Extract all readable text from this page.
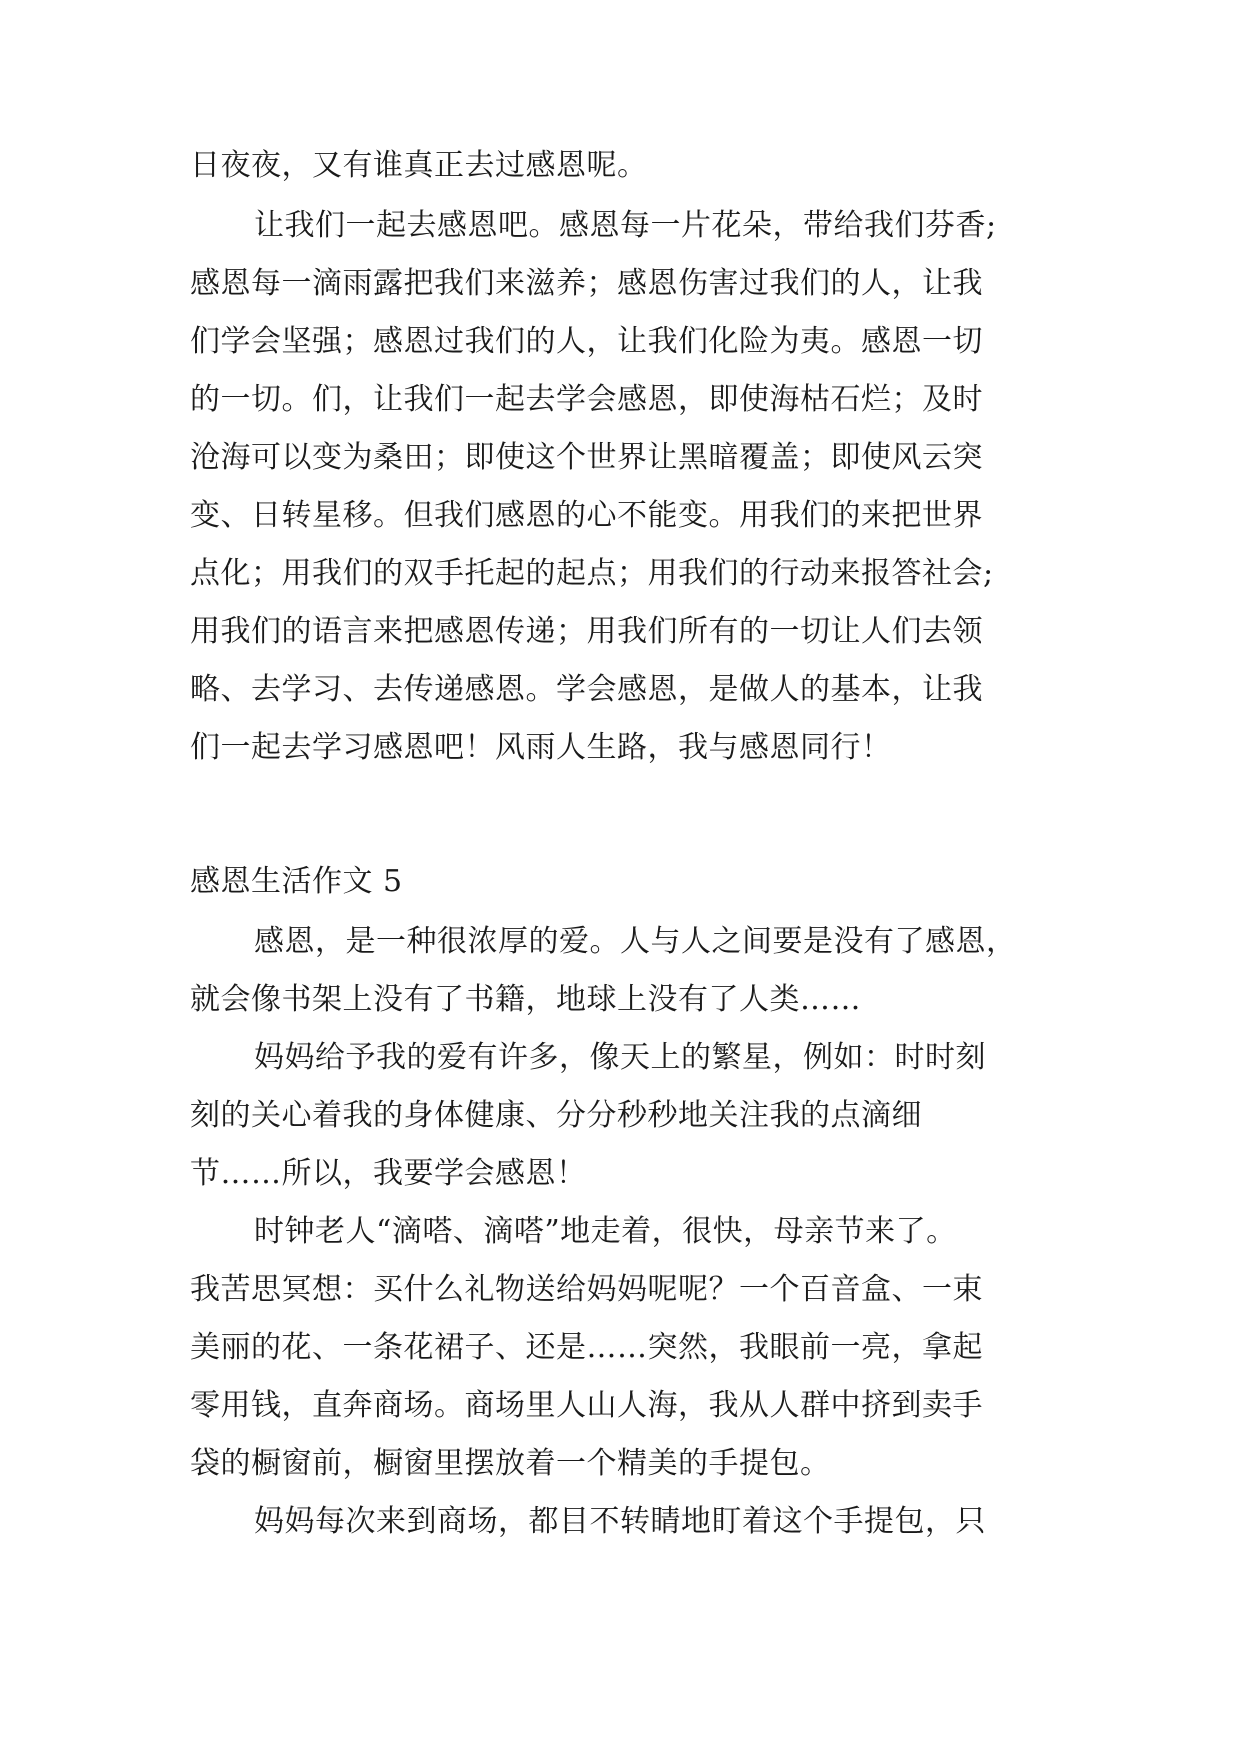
日夜夜，又有谁真正去过感恩呢。
让我们一起去感恩吧。感恩每一片花朵，带给我们芬香;
感恩每一滴雨露把我们来滋养；感恩伤害过我们的人，让我
们学会坚强；感恩过我们的人，让我们化险为夷。感恩一切
的一切。们，让我们一起去学会感恩，即使海枯石烂；及时
沧海可以变为桑田；即使这个世界让黑暗覆盖；即使风云突
变、日转星移。但我们感恩的心不能变。用我们的来把世界
点化；用我们的双手托起的起点；用我们的行动来报答社会;
用我们的语言来把感恩传递；用我们所有的一切让人们去领
略、去学习、去传递感恩。学会感恩，是做人的基本，让我
们一起去学习感恩吧！风雨人生路，我与感恩同行！
感恩生活作文 5
感恩，是一种很浓厚的爱。人与人之间要是没有了感恩，
就会像书架上没有了书籍，地球上没有了人类……
妈妈给予我的爱有许多，像天上的繁星，例如：时时刻
刻的关心着我的身体健康、分分秒秒地关注我的点滴细
节……所以，我要学会感恩！
时钟老人“滴嗒、滴嗒”地走着，很快，母亲节来了。
我苦思冥想：买什么礼物送给妈妈呢呢？一个百音盒、一束
美丽的花、一条花裙子、还是……突然，我眼前一亮，拿起
零用钱，直奔商场。商场里人山人海，我从人群中挤到卖手
袋的橱窗前，橱窗里摆放着一个精美的手提包。
妈妈每次来到商场，都目不转睛地盯着这个手提包，只
